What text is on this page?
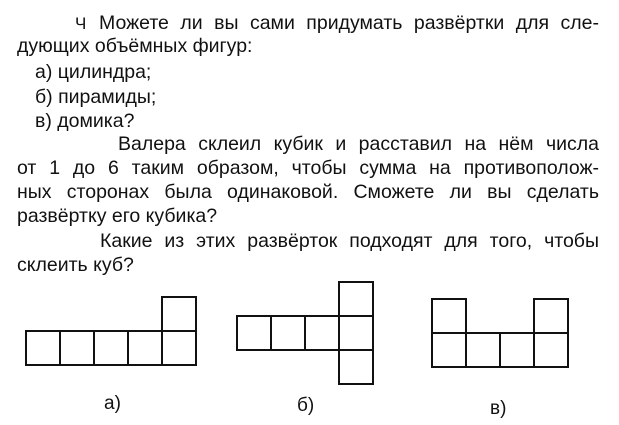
Ч Можете ли вы сами придумать развёртки для сле-
дующих объёмных фигур:
а) цилиндра;
б) пирамиды;
в) домика?
Валера склеил кубик и расставил на нём числа
от 1 до 6 таким образом, чтобы сумма на противополож-
ных сторонах была одинаковой. Сможете ли вы сделать
развёртку его кубика?
Какие из этих развёрток подходят для того, чтобы
склеить куб?
а)	б)	в)
